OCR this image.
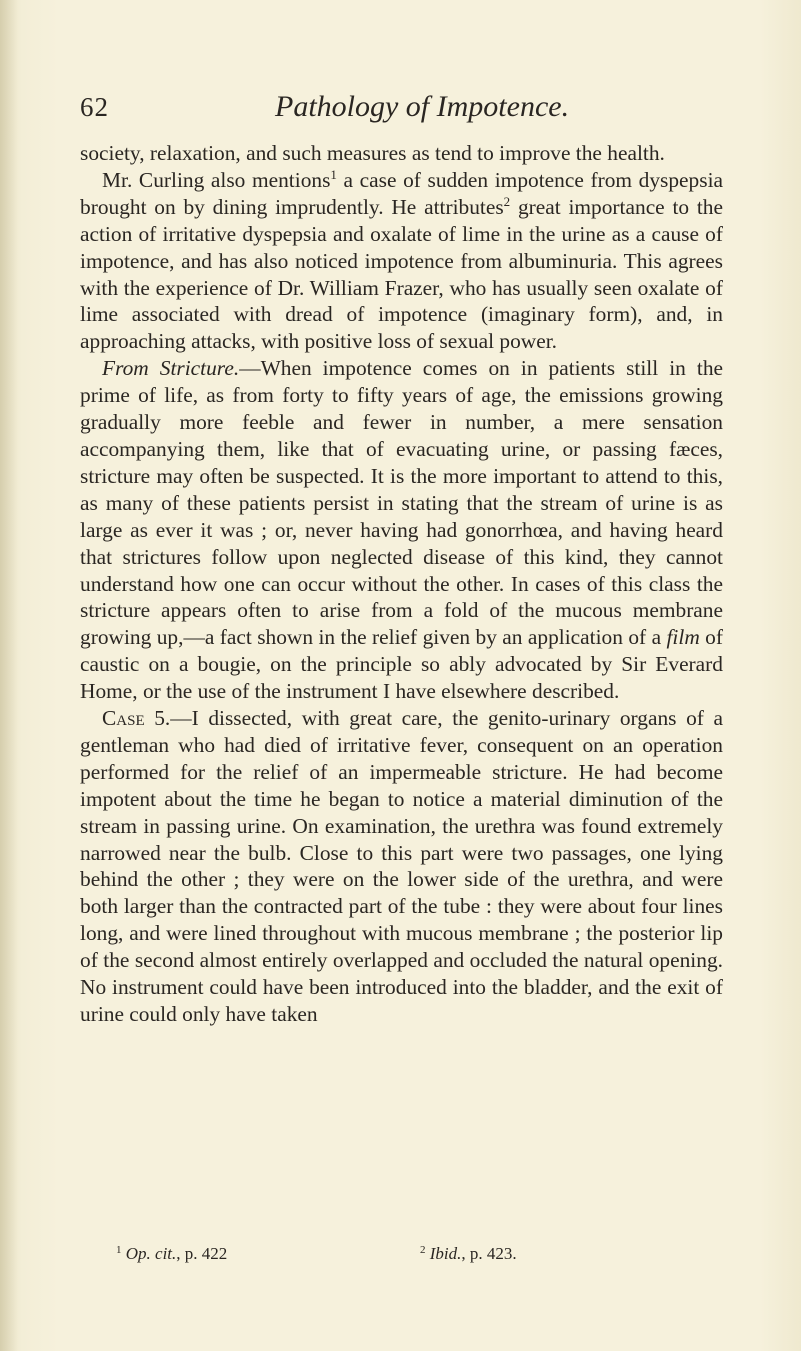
62	Pathology of Impotence.

society, relaxation, and such measures as tend to improve the health.

Mr. Curling also mentions$^1$ a case of sudden impotence from dyspepsia brought on by dining imprudently. He attributes$^2$ great importance to the action of irritative dyspepsia and oxalate of lime in the urine as a cause of impotence, and has also noticed impotence from albuminuria. This agrees with the experience of Dr. William Frazer, who has usually seen oxalate of lime associated with dread of impotence (imaginary form), and, in approaching attacks, with positive loss of sexual power.

From Stricture.—When impotence comes on in patients still in the prime of life, as from forty to fifty years of age, the emissions growing gradually more feeble and fewer in number, a mere sensation accompanying them, like that of evacuating urine, or passing fæces, stricture may often be suspected. It is the more important to attend to this, as many of these patients persist in stating that the stream of urine is as large as ever it was ; or, never having had gonorrhœa, and having heard that strictures follow upon neglected disease of this kind, they cannot understand how one can occur without the other. In cases of this class the stricture appears often to arise from a fold of the mucous membrane growing up,—a fact shown in the relief given by an application of a film of caustic on a bougie, on the principle so ably advocated by Sir Everard Home, or the use of the instrument I have elsewhere described.

Case 5.—I dissected, with great care, the genito-urinary organs of a gentleman who had died of irritative fever, consequent on an operation performed for the relief of an impermeable stricture. He had become impotent about the time he began to notice a material diminution of the stream in passing urine. On examination, the urethra was found extremely narrowed near the bulb. Close to this part were two passages, one lying behind the other ; they were on the lower side of the urethra, and were both larger than the contracted part of the tube : they were about four lines long, and were lined throughout with mucous membrane ; the posterior lip of the second almost entirely overlapped and occluded the natural opening. No instrument could have been introduced into the bladder, and the exit of urine could only have taken

$^1$ Op. cit., p. 422	$^2$ Ibid., p. 423.
